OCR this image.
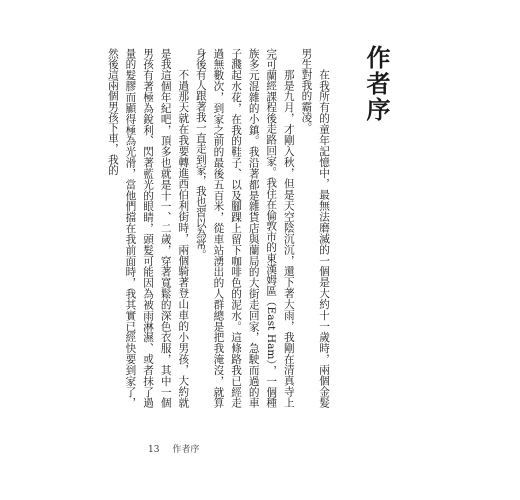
作者序

在我所有的童年記憶中，最無法磨滅的一個是大約十一歲時，兩個金髮男生對我的霸凌。

那是九月，才剛入秋，但是天空陰沉沉，還下著大雨，我剛在清真寺上完可蘭經課程後走路回家。我住在倫敦市的東漢姆區（East Ham），一個種族多元混雜的小鎮。我沿著都是雜貨店與蘭局的大街走回家，急駛而過的車子濺起水花，在我的鞋子、以及腳踝上留下咖啡色的泥水。這條路我已經走過無數次，到家之前的最後五百米，從車站湧出的人群總是把我淹沒，就算身後有人跟著我一直走到家，我也習以為常。

不過那天就在我要轉進西伯利街時，兩個騎著登山車的小男孩，大約就是我這個年紀吧，頂多也就是十一、二歲，穿著寬鬆的深色衣服，其中一個男孩有著極為銳利、閃著藍光的眼睛，頭髮可能因為被雨淋濕、或者抹了過量的髮膠而顯得極為光滑，當他們擋在我前面時，我其實已經快要到家了，然後這兩個男孩下車，我的

13 作者序
